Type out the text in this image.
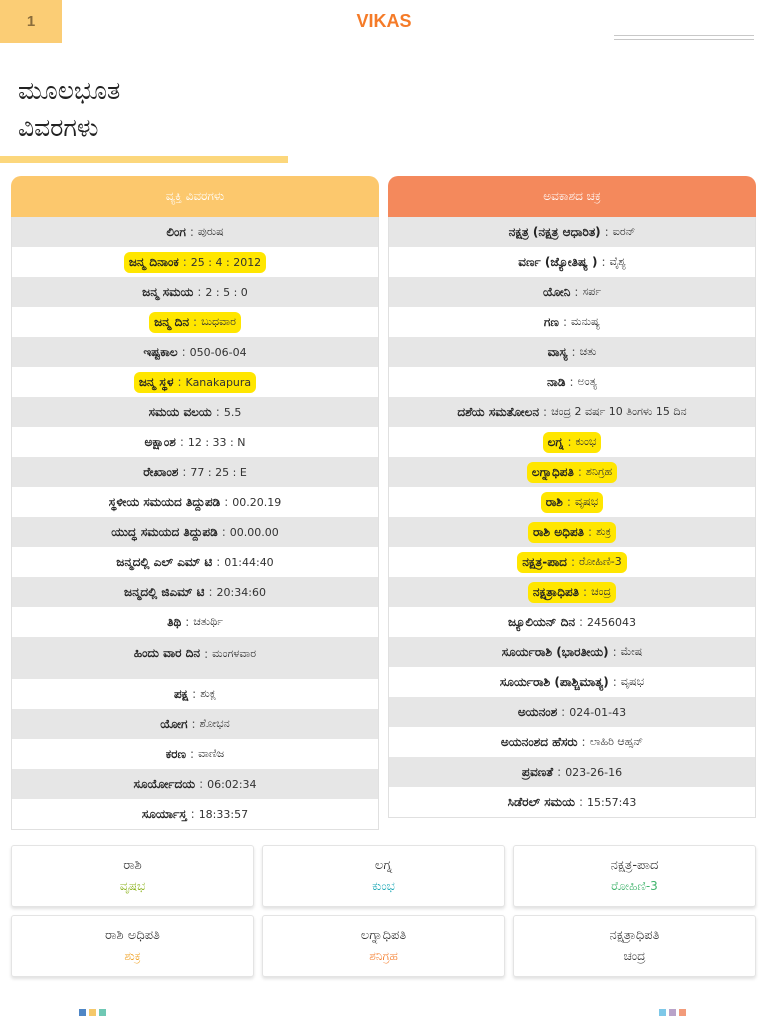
1	VIKAS
ಮೂಲಭೂತ
ವಿವರಗಳು
ವ್ಯಕ್ತಿ ವಿವರಗಳು
ಲಿಂಗ : ಪುರುಷ
ಜನ್ಮ ದಿನಾಂಕ : 25 : 4 : 2012
ಜನ್ಮ ಸಮಯ : 2 : 5 : 0
ಜನ್ಮ ದಿನ : ಬುಧವಾರ
ಇಷ್ಟಕಾಲ : 050-06-04
ಜನ್ಮ ಸ್ಥಳ : Kanakapura
ಸಮಯ ವಲಯ : 5.5
ಅಕ್ಷಾಂಶ : 12 : 33 : N
ರೇಖಾಂಶ : 77 : 25 : E
ಸ್ಥಳೀಯ ಸಮಯದ ತಿದ್ದುಪಡಿ : 00.20.19
ಯುದ್ಧ ಸಮಯದ ತಿದ್ದುಪಡಿ : 00.00.00
ಜನ್ಮದಲ್ಲಿ ಎಲ್ ಎಮ್ ಟಿ : 01:44:40
ಜನ್ಮದಲ್ಲಿ ಜಿಎಮ್ ಟಿ : 20:34:60
ತಿಥಿ : ಚತುರ್ಥಿ
ಹಿಂದು ವಾರ ದಿನ : ಮಂಗಳವಾರ
ಪಕ್ಷ : ಶುಕ್ಲ
ಯೋಗ : ಶೋಭನ
ಕರಣ : ವಾಣಿಜ
ಸೂರ್ಯೋದಯ : 06:02:34
ಸೂರ್ಯಾಸ್ತ : 18:33:57
ಅವಕಾಶದ ಚಕ್ರ
ನಕ್ಷತ್ರ (ನಕ್ಷತ್ರ ಆಧಾರಿತ) : ಐರನ್
ವರ್ಣ (ಜ್ಯೋತಿಷ್ಯ ) : ವೈಶ್ಯ
ಯೋನಿ : ಸರ್ಪ
ಗಣ : ಮನುಷ್ಯ
ವಾಸ್ಯ : ಚತು
ನಾಡಿ : ಅಂತ್ಯ
ದಶೆಯ ಸಮತೋಲನ : ಚಂದ್ರ 2 ವರ್ಷ 10 ತಿಂಗಳು 15 ದಿನ
ಲಗ್ನ : ಕುಂಭ
ಲಗ್ನಾಧಿಪತಿ : ಶನಿಗ್ರಹ
ರಾಶಿ : ವೃಷಭ
ರಾಶಿ ಅಧಿಪತಿ : ಶುಕ್ರ
ನಕ್ಷತ್ರ-ಪಾದ : ರೋಹಿಣಿ-3
ನಕ್ಷತ್ರಾಧಿಪತಿ : ಚಂದ್ರ
ಜ್ಯೂಲಿಯನ್ ದಿನ : 2456043
ಸೂರ್ಯರಾಶಿ (ಭಾರತೀಯ) : ಮೇಷ
ಸೂರ್ಯರಾಶಿ (ಪಾಶ್ಚಿಮಾತ್ಯ) : ವೃಷಭ
ಅಯನಂಶ : 024-01-43
ಅಯನಂಶದ ಹೆಸರು : ಲಾಹಿರಿ ಆಹ್ಸನ್
ಪ್ರವಣತೆ : 023-26-16
ಸಿಡೆರಲ್ ಸಮಯ : 15:57:43
ರಾಶಿ
ವೃಷಭ
ಲಗ್ನ
ಕುಂಭ
ನಕ್ಷತ್ರ-ಪಾದ
ರೋಹಿಣಿ-3
ರಾಶಿ ಅಧಿಪತಿ
ಶುಕ್ರ
ಲಗ್ನಾಧಿಪತಿ
ಶನಿಗ್ರಹ
ನಕ್ಷತ್ರಾಧಿಪತಿ
ಚಂದ್ರ
